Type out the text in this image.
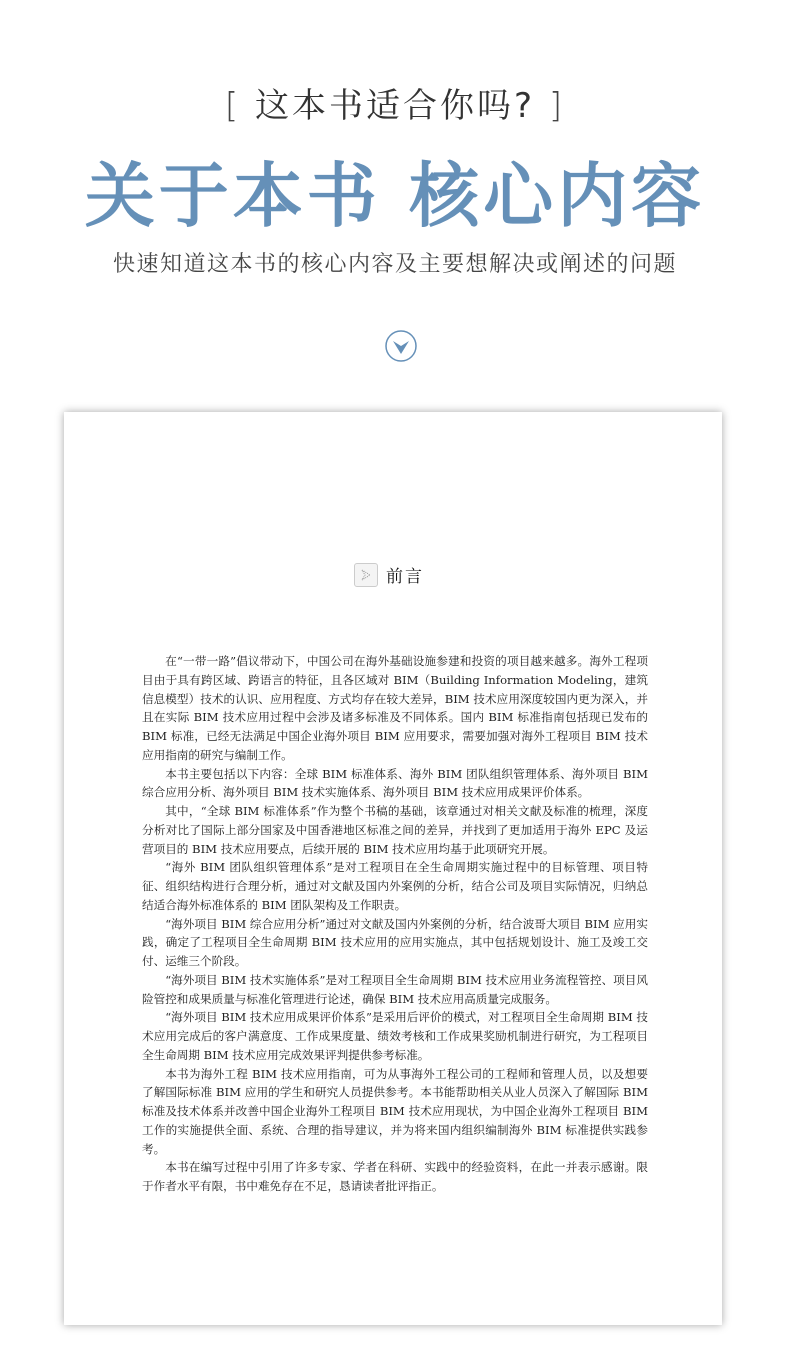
[ 这本书适合你吗? ]
关于本书 核心内容
快速知道这本书的核心内容及主要想解决或阐述的问题
前言

在“一带一路”倡议带动下，中国公司在海外基础设施参建和投资的项目越来越多。海外工程项目由于具有跨区域、跨语言的特征，且各区域对 BIM（Building Information Modeling，建筑信息模型）技术的认识、应用程度、方式均存在较大差异，BIM 技术应用深度较国内更为深入，并且在实际 BIM 技术应用过程中会涉及诸多标准及不同体系。国内 BIM 标准指南包括现已发布的 BIM 标准，已经无法满足中国企业海外项目 BIM 应用要求，需要加强对海外工程项目 BIM 技术应用指南的研究与编制工作。

本书主要包括以下内容：全球 BIM 标准体系、海外 BIM 团队组织管理体系、海外项目 BIM 综合应用分析、海外项目 BIM 技术实施体系、海外项目 BIM 技术应用成果评价体系。

其中，“全球 BIM 标准体系”作为整个书稿的基础，该章通过对相关文献及标准的梳理，深度分析对比了国际上部分国家及中国香港地区标准之间的差异，并找到了更加适用于海外 EPC 及运营项目的 BIM 技术应用要点，后续开展的 BIM 技术应用均基于此项研究开展。

“海外 BIM 团队组织管理体系”是对工程项目在全生命周期实施过程中的目标管理、项目特征、组织结构进行合理分析，通过对文献及国内外案例的分析，结合公司及项目实际情况，归纳总结适合海外标准体系的 BIM 团队架构及工作职责。

“海外项目 BIM 综合应用分析”通过对文献及国内外案例的分析，结合波哥大项目 BIM 应用实践，确定了工程项目全生命周期 BIM 技术应用的应用实施点，其中包括规划设计、施工及竣工交付、运维三个阶段。

“海外项目 BIM 技术实施体系”是对工程项目全生命周期 BIM 技术应用业务流程管控、项目风险管控和成果质量与标准化管理进行论述，确保 BIM 技术应用高质量完成服务。

“海外项目 BIM 技术应用成果评价体系”是采用后评价的模式，对工程项目全生命周期 BIM 技术应用完成后的客户满意度、工作成果度量、绩效考核和工作成果奖励机制进行研究，为工程项目全生命周期 BIM 技术应用完成效果评判提供参考标准。

本书为海外工程 BIM 技术应用指南，可为从事海外工程公司的工程师和管理人员，以及想要了解国际标准 BIM 应用的学生和研究人员提供参考。本书能帮助相关从业人员深入了解国际 BIM 标准及技术体系并改善中国企业海外工程项目 BIM 技术应用现状，为中国企业海外工程项目 BIM 工作的实施提供全面、系统、合理的指导建议，并为将来国内组织编制海外 BIM 标准提供实践参考。

本书在编写过程中引用了许多专家、学者在科研、实践中的经验资料，在此一并表示感谢。限于作者水平有限，书中难免存在不足，恳请读者批评指正。
